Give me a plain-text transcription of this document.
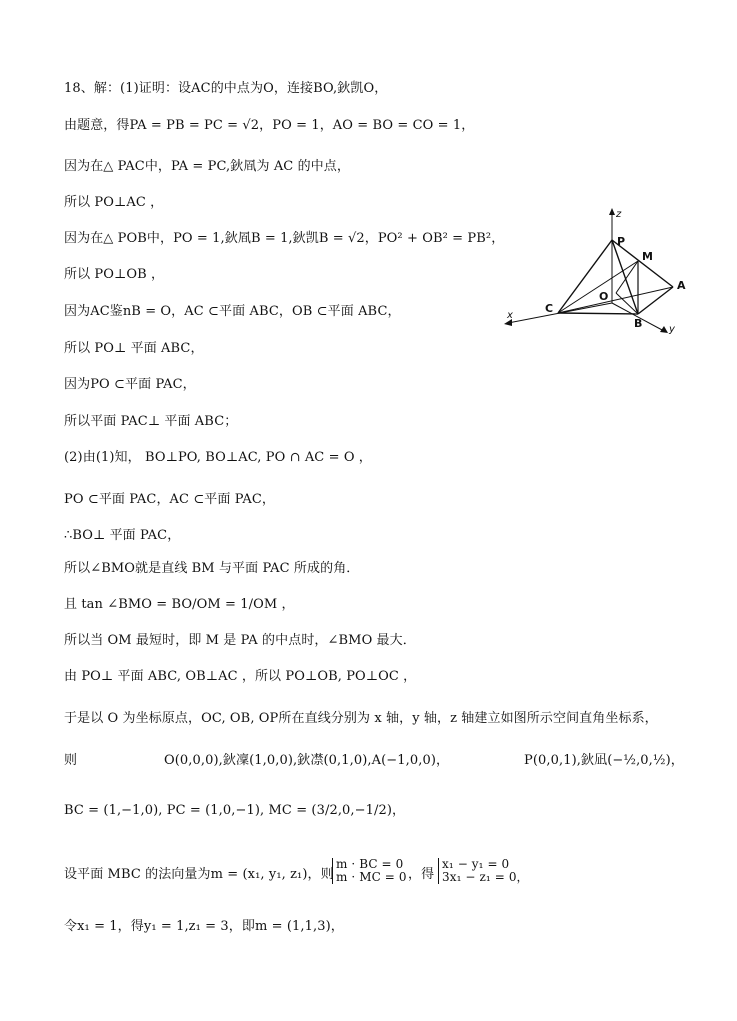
18、解：(1)证明：设AC的中点为O，连接BO,鈥凯O，
由题意，得PA = PB = PC = √2，PO = 1，AO = BO = CO = 1，
因为在△ PAC中，PA = PC,鈥凮为 AC 的中点，
所以 PO⊥AC ，
因为在△ POB中，PO = 1,鈥凮B = 1,鈥凯B = √2，PO² + OB² = PB²，
所以 PO⊥OB ，
因为AC鉴nB = O，AC ⊂平面 ABC，OB ⊂平面 ABC，
所以 PO⊥ 平面 ABC，
因为PO ⊂平面 PAC，
所以平面 PAC⊥ 平面 ABC；
(2)由(1)知， BO⊥PO, BO⊥AC, PO ∩ AC = O ，
PO ⊂平面 PAC，AC ⊂平面 PAC，
∴BO⊥ 平面 PAC，
所以∠BMO就是直线 BM 与平面 PAC 所成的角．
且 tan ∠BMO = BO/OM = 1/OM ，
所以当 OM 最短时，即 M 是 PA 的中点时，∠BMO 最大．
由 PO⊥ 平面 ABC, OB⊥AC ，所以 PO⊥OB, PO⊥OC ，
于是以 O 为坐标原点，OC, OB, OP所在直线分别为 x 轴，y 轴，z 轴建立如图所示空间直角坐标系，
则	O(0,0,0),鈥凜(1,0,0),鈥凚(0,1,0),A(−1,0,0)，	P(0,0,1),鈥凪(−½,0,½)，
BC = (1,−1,0), PC = (1,0,−1), MC = (3/2,0,−1/2)，
设平面 MBC 的法向量为m = (x₁, y₁, z₁)，则
m · BC = 0
m · MC = 0 ，得
x₁ − y₁ = 0
3x₁ − z₁ = 0，
令x₁ = 1，得y₁ = 1,z₁ = 3，即m = (1,1,3)，
z
P
M
A
O
C
B
x
y
